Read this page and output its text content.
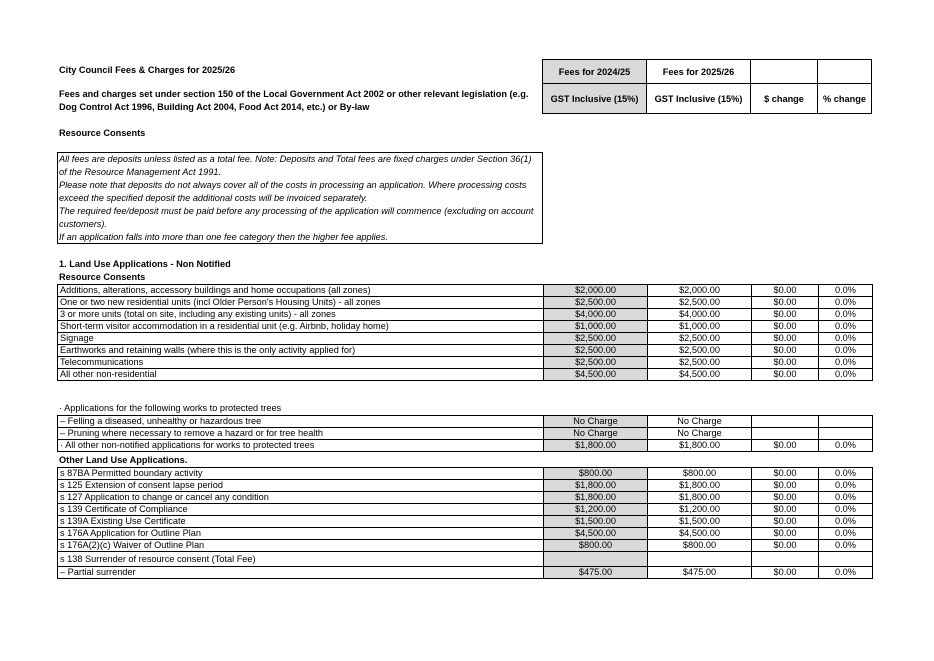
City Council Fees & Charges for 2025/26
Fees and charges set under section 150 of the Local Government Act 2002 or other relevant legislation (e.g. Dog Control Act 1996, Building Act 2004, Food Act 2014, etc.) or By-law
Fees for 2024/25	Fees for 2025/26
GST Inclusive (15%)	GST Inclusive (15%)	$ change	% change
Resource Consents
All fees are deposits unless listed as a total fee. Note: Deposits and Total fees are fixed charges under Section 36(1) of the Resource Management Act 1991.
Please note that deposits do not always cover all of the costs in processing an application. Where processing costs exceed the specified deposit the additional costs will be invoiced separately.
The required fee/deposit must be paid before any processing of the application will commence (excluding on account customers).
If an application falls into more than one fee category then the higher fee applies.
1. Land Use Applications - Non Notified
Resource Consents
Additions, alterations, accessory buildings and home occupations (all zones)	$2,000.00	$2,000.00	$0.00	0.0%
One or two new residential units (incl Older Person's Housing Units) - all zones	$2,500.00	$2,500.00	$0.00	0.0%
3 or more units (total on site, including any existing units) - all zones	$4,000.00	$4,000.00	$0.00	0.0%
Short-term visitor accommodation in a residential unit (e.g. Airbnb, holiday home)	$1,000.00	$1,000.00	$0.00	0.0%
Signage	$2,500.00	$2,500.00	$0.00	0.0%
Earthworks and retaining walls (where this is the only activity applied for)	$2,500.00	$2,500.00	$0.00	0.0%
Telecommunications	$2,500.00	$2,500.00	$0.00	0.0%
All other non-residential	$4,500.00	$4,500.00	$0.00	0.0%
· Applications for the following works to protected trees
– Felling a diseased, unhealthy or hazardous tree	No Charge	No Charge		
– Pruning where necessary to remove a hazard or for tree health	No Charge	No Charge		
· All other non-notified applications for works to protected trees	$1,800.00	$1,800.00	$0.00	0.0%
Other Land Use Applications.
s 87BA Permitted boundary activity	$800.00	$800.00	$0.00	0.0%
s 125 Extension of consent lapse period	$1,800.00	$1,800.00	$0.00	0.0%
s 127 Application to change or cancel any condition	$1,800.00	$1,800.00	$0.00	0.0%
s 139 Certificate of Compliance	$1,200.00	$1,200.00	$0.00	0.0%
s 139A Existing Use Certificate	$1,500.00	$1,500.00	$0.00	0.0%
s 176A Application for Outline Plan	$4,500.00	$4,500.00	$0.00	0.0%
s 176A(2)(c) Waiver of Outline Plan	$800.00	$800.00	$0.00	0.0%
s 138 Surrender of resource consent (Total Fee)				
– Partial surrender	$475.00	$475.00	$0.00	0.0%
